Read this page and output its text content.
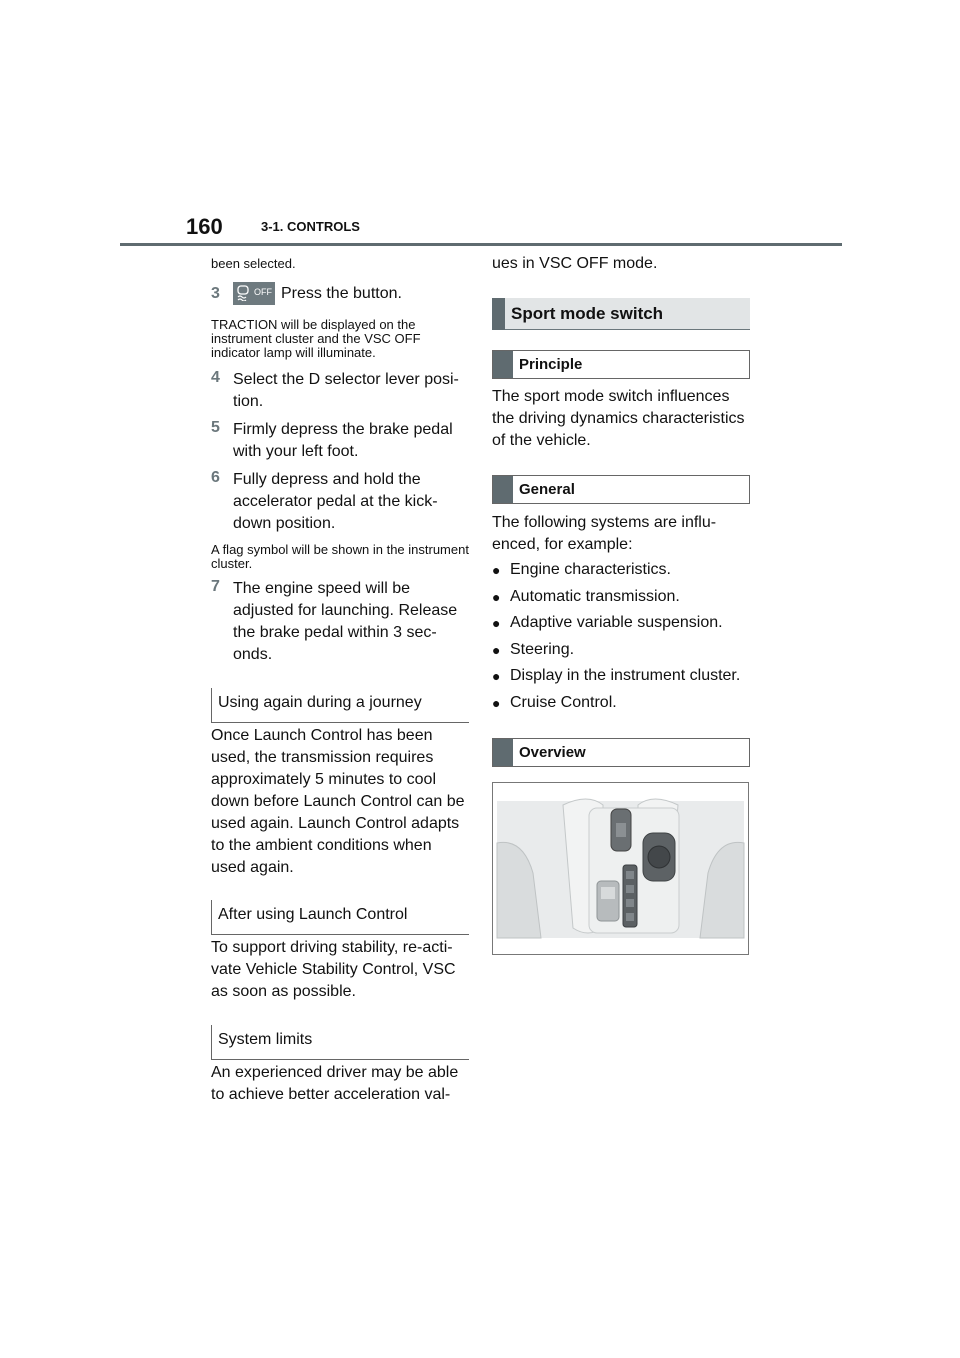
160	3-1. CONTROLS
been selected.
3	OFF Press the button.
TRACTION will be displayed on the instrument cluster and the VSC OFF indicator lamp will illuminate.
4 Select the D selector lever posi-tion.
5 Firmly depress the brake pedal with your left foot.
6 Fully depress and hold the accelerator pedal at the kick-down position.
A flag symbol will be shown in the instrument cluster.
7 The engine speed will be adjusted for launching. Release the brake pedal within 3 sec-onds.
Using again during a journey
Once Launch Control has been used, the transmission requires approximately 5 minutes to cool down before Launch Control can be used again. Launch Control adapts to the ambient conditions when used again.
After using Launch Control
To support driving stability, re-acti-vate Vehicle Stability Control, VSC as soon as possible.
System limits
An experienced driver may be able to achieve better acceleration val-
ues in VSC OFF mode.
Sport mode switch
Principle
The sport mode switch influences the driving dynamics characteristics of the vehicle.
General
The following systems are influ-enced, for example:
● Engine characteristics.
● Automatic transmission.
● Adaptive variable suspension.
● Steering.
● Display in the instrument cluster.
● Cruise Control.
Overview
